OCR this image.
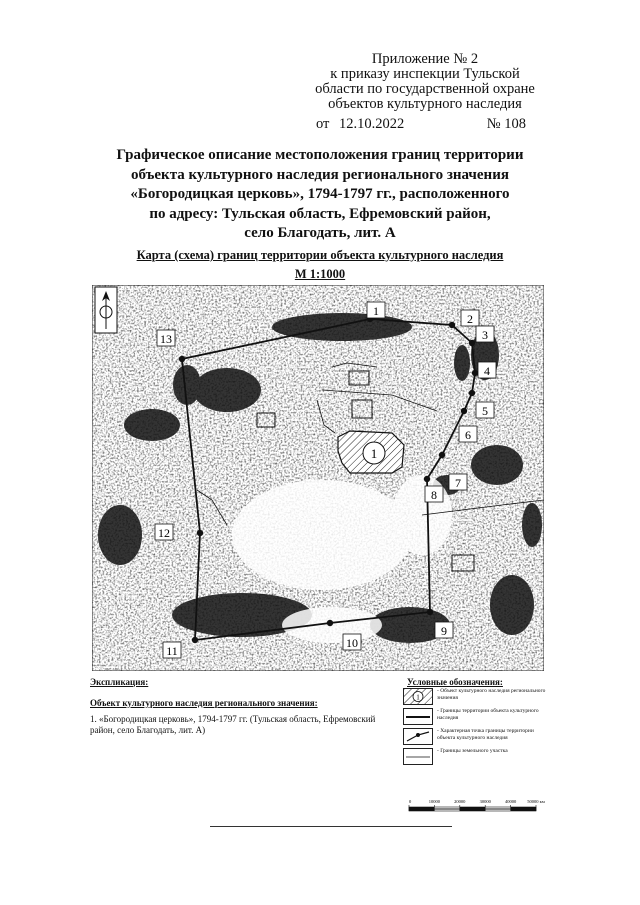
Приложение № 2
к приказу инспекции Тульской
области по государственной охране
объектов культурного наследия
от 12.10.2022	№ 108
Графическое описание местоположения границ территории
объекта культурного наследия регионального значения
«Богородицкая церковь», 1794-1797 гг., расположенного
по адресу: Тульская область, Ефремовский район,
село Благодать, лит. А
Карта (схема) границ территории объекта культурного наследия
М 1:1000
1
1
2
3
4
5
6
7
8
9
10
11
12
13
Экспликация:
Объект культурного наследия регионального значения:
1. «Богородицкая церковь», 1794-1797 гг. (Тульская область, Ефремовский район, село Благодать, лит. А)
Условные обозначения:
1
- Объект культурного наследия регионального значения
- Границы территории объекта культурного наследия
- Характерная точка границы территории объекта культурного наследия
- Границы земельного участка
0	10000	20000	30000	40000 50000 км
